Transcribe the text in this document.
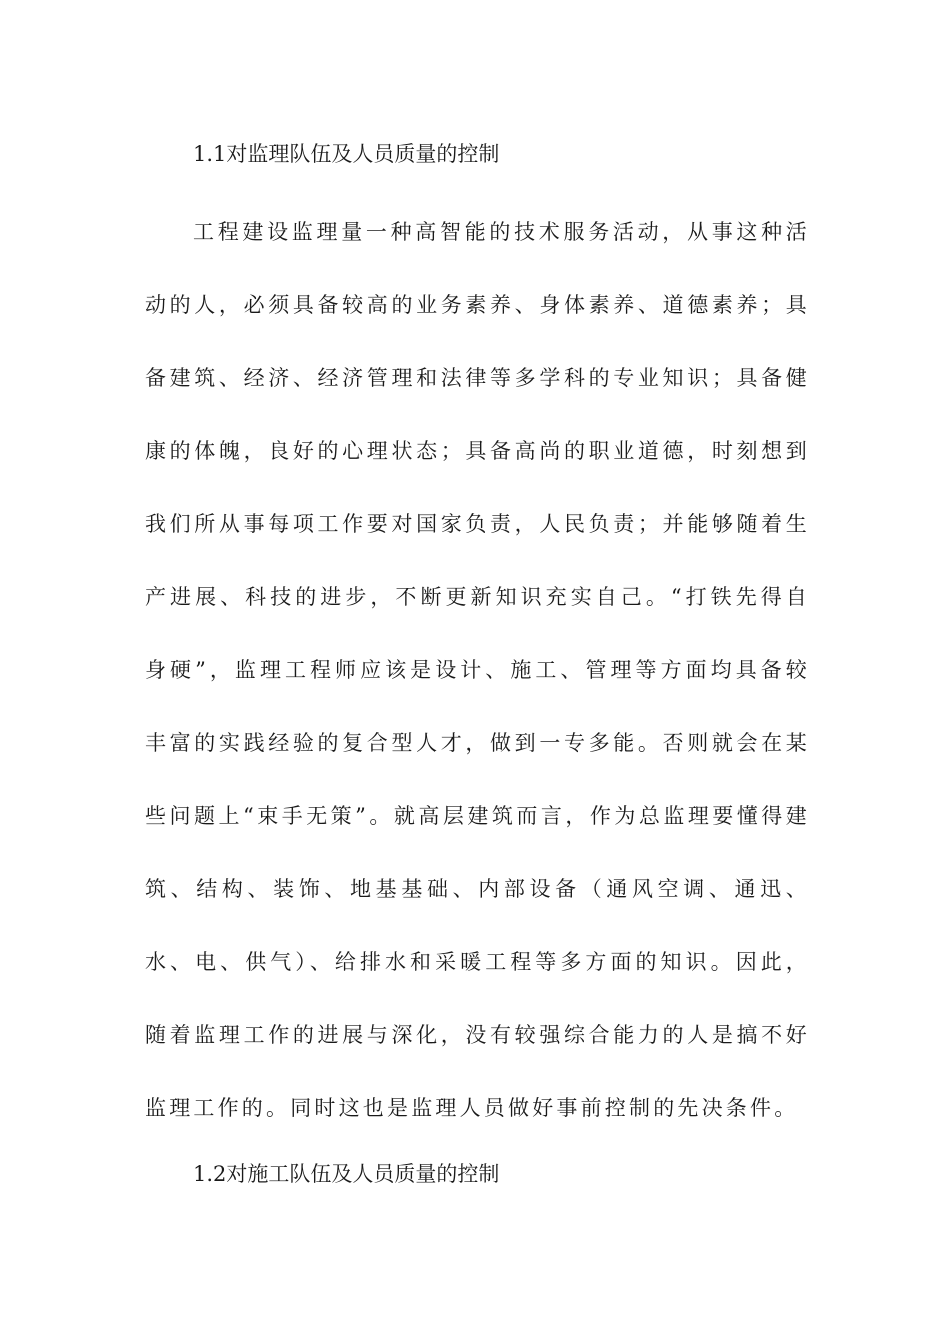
1.1对监理队伍及人员质量的控制

工程建设监理量一种高智能的技术服务活动，从事这种活动的人，必须具备较高的业务素养、身体素养、道德素养；具备建筑、经济、经济管理和法律等多学科的专业知识；具备健康的体魄，良好的心理状态；具备高尚的职业道德，时刻想到我们所从事每项工作要对国家负责，人民负责；并能够随着生产进展、科技的进步，不断更新知识充实自己。“打铁先得自身硬”，监理工程师应该是设计、施工、管理等方面均具备较丰富的实践经验的复合型人才，做到一专多能。否则就会在某些问题上“束手无策”。就高层建筑而言，作为总监理要懂得建筑、结构、装饰、地基基础、内部设备（通风空调、通迅、水、电、供气）、给排水和采暖工程等多方面的知识。因此，随着监理工作的进展与深化，没有较强综合能力的人是搞不好监理工作的。同时这也是监理人员做好事前控制的先决条件。

1.2对施工队伍及人员质量的控制
